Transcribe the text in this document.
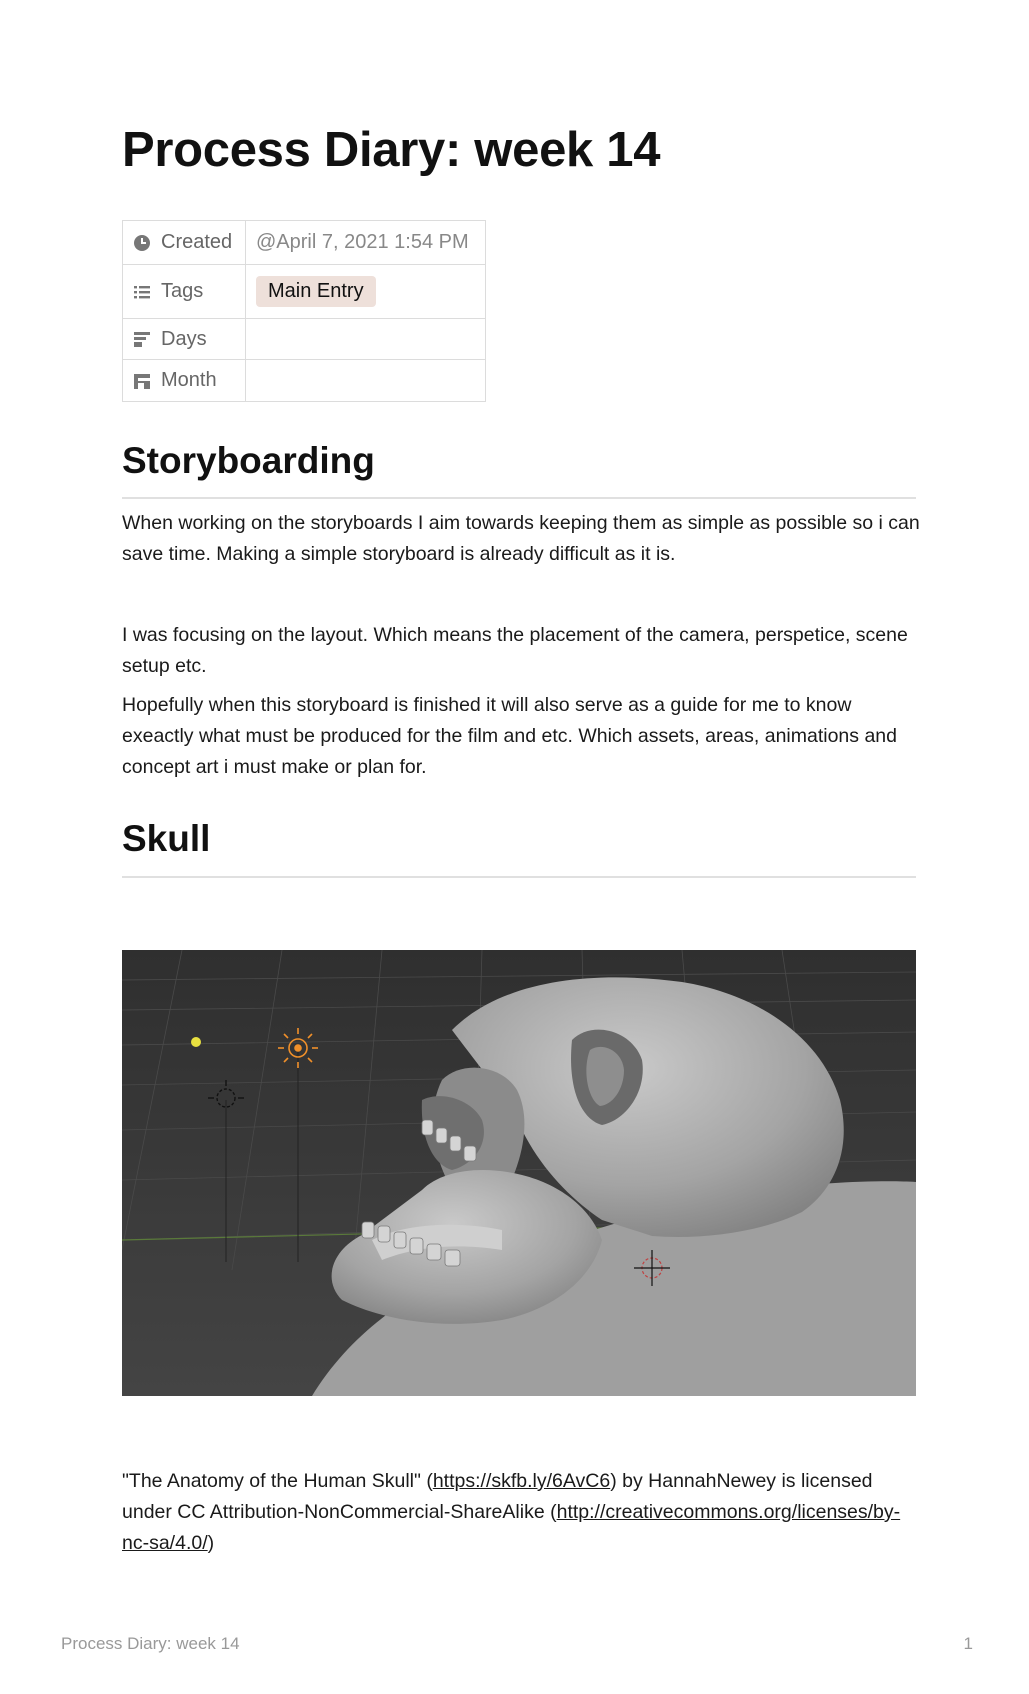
Process Diary: week 14
Created	@April 7, 2021 1:54 PM

Tags	Main Entry

Days	

Month	

Storyboarding

When working on the storyboards I aim towards keeping them as simple as possible so i can save time. Making a simple storyboard is already difficult as it is.

I was focusing on the layout. Which means the placement of the camera, perspetice, scene setup etc.

Hopefully when this storyboard is finished it will also serve as a guide for me to know exeactly what must be produced for the film and etc. Which assets, areas, animations and concept art i must make or plan for.

Skull

"The Anatomy of the Human Skull" (https://skfb.ly/6AvC6) by HannahNewey is licensed under CC Attribution-NonCommercial-ShareAlike (http://creativecommons.org/licenses/by-nc-sa/4.0/)

Process Diary: week 14	1
